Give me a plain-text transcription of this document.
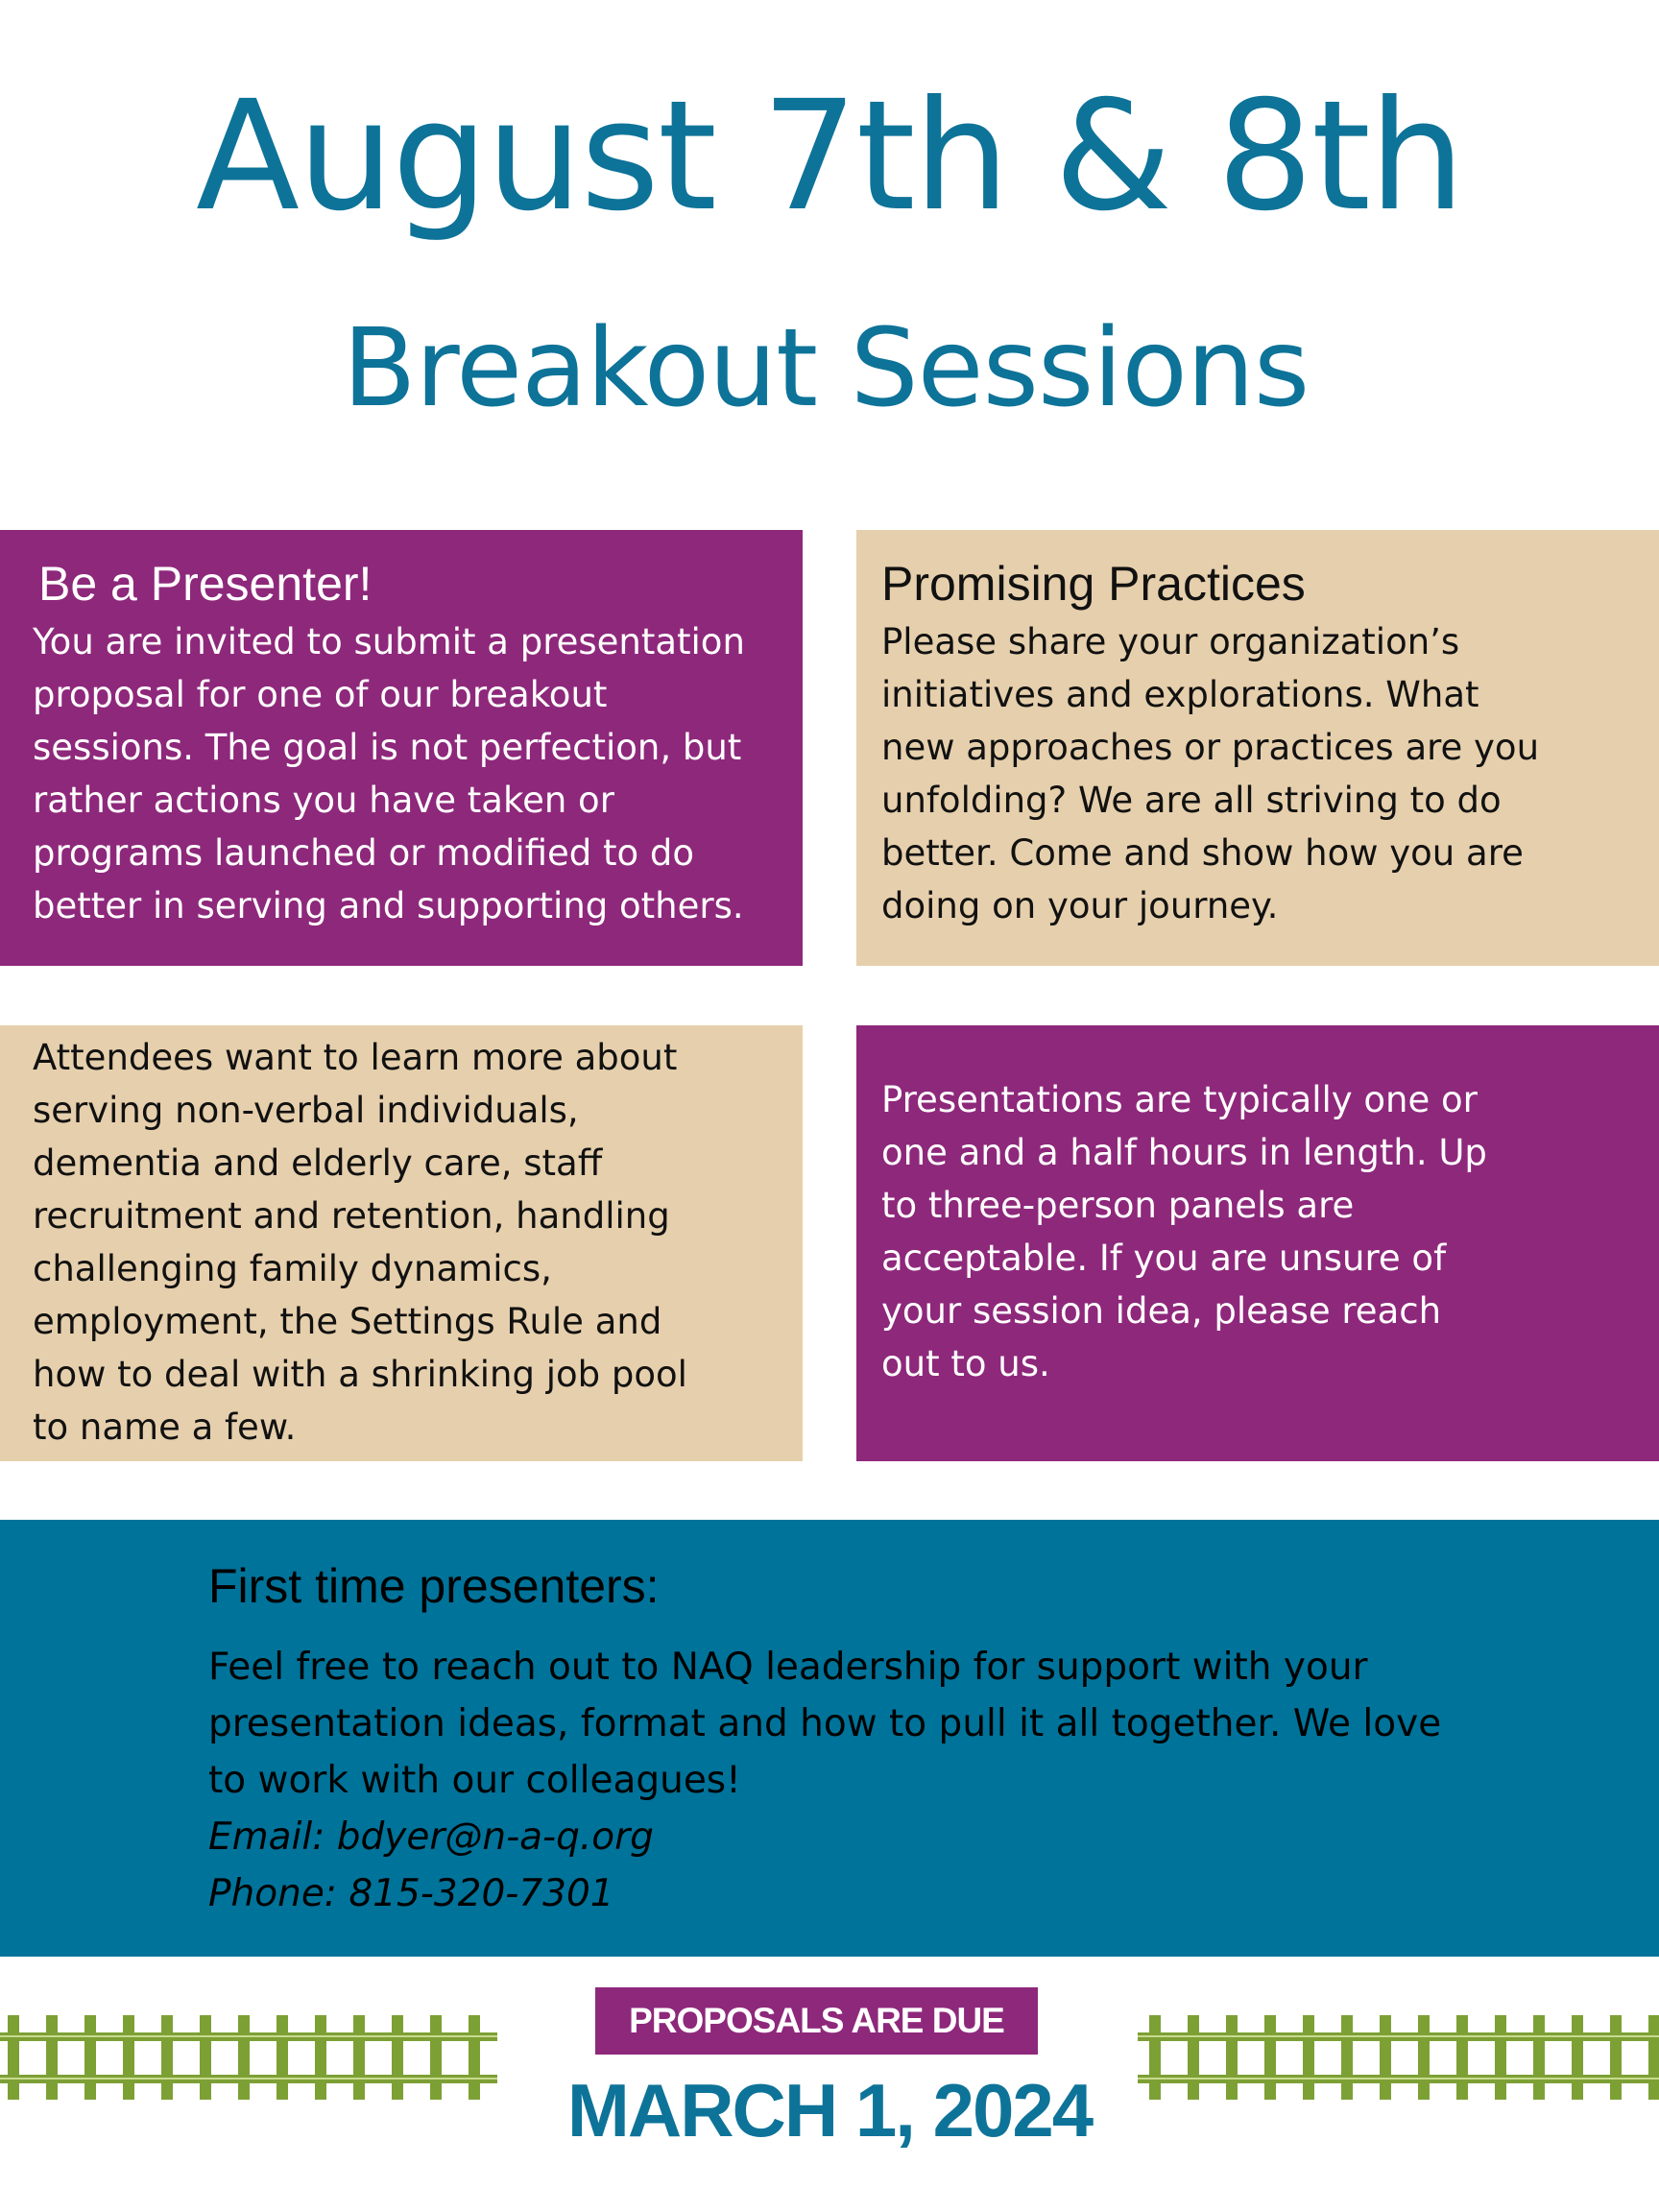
August 7th & 8th
Breakout Sessions
Be a Presenter!

You are invited to submit a presentation
proposal for one of our breakout
sessions. The goal is not perfection, but
rather actions you have taken or
programs launched or modified to do
better in serving and supporting others.

Promising Practices

Please share your organization’s
initiatives and explorations. What
new approaches or practices are you
unfolding? We are all striving to do
better. Come and show how you are
doing on your journey.

Attendees want to learn more about
serving non-verbal individuals,
dementia and elderly care, staff
recruitment and retention, handling
challenging family dynamics,
employment, the Settings Rule and
how to deal with a shrinking job pool
to name a few.

Presentations are typically one or
one and a half hours in length. Up
to three-person panels are
acceptable. If you are unsure of
your session idea, please reach
out to us.

First time presenters:

Feel free to reach out to NAQ leadership for support with your
presentation ideas, format and how to pull it all together. We love
to work with our colleagues!

Email: bdyer@n-a-q.org

Phone: 815-320-7301

PROPOSALS ARE DUE

MARCH 1, 2024
